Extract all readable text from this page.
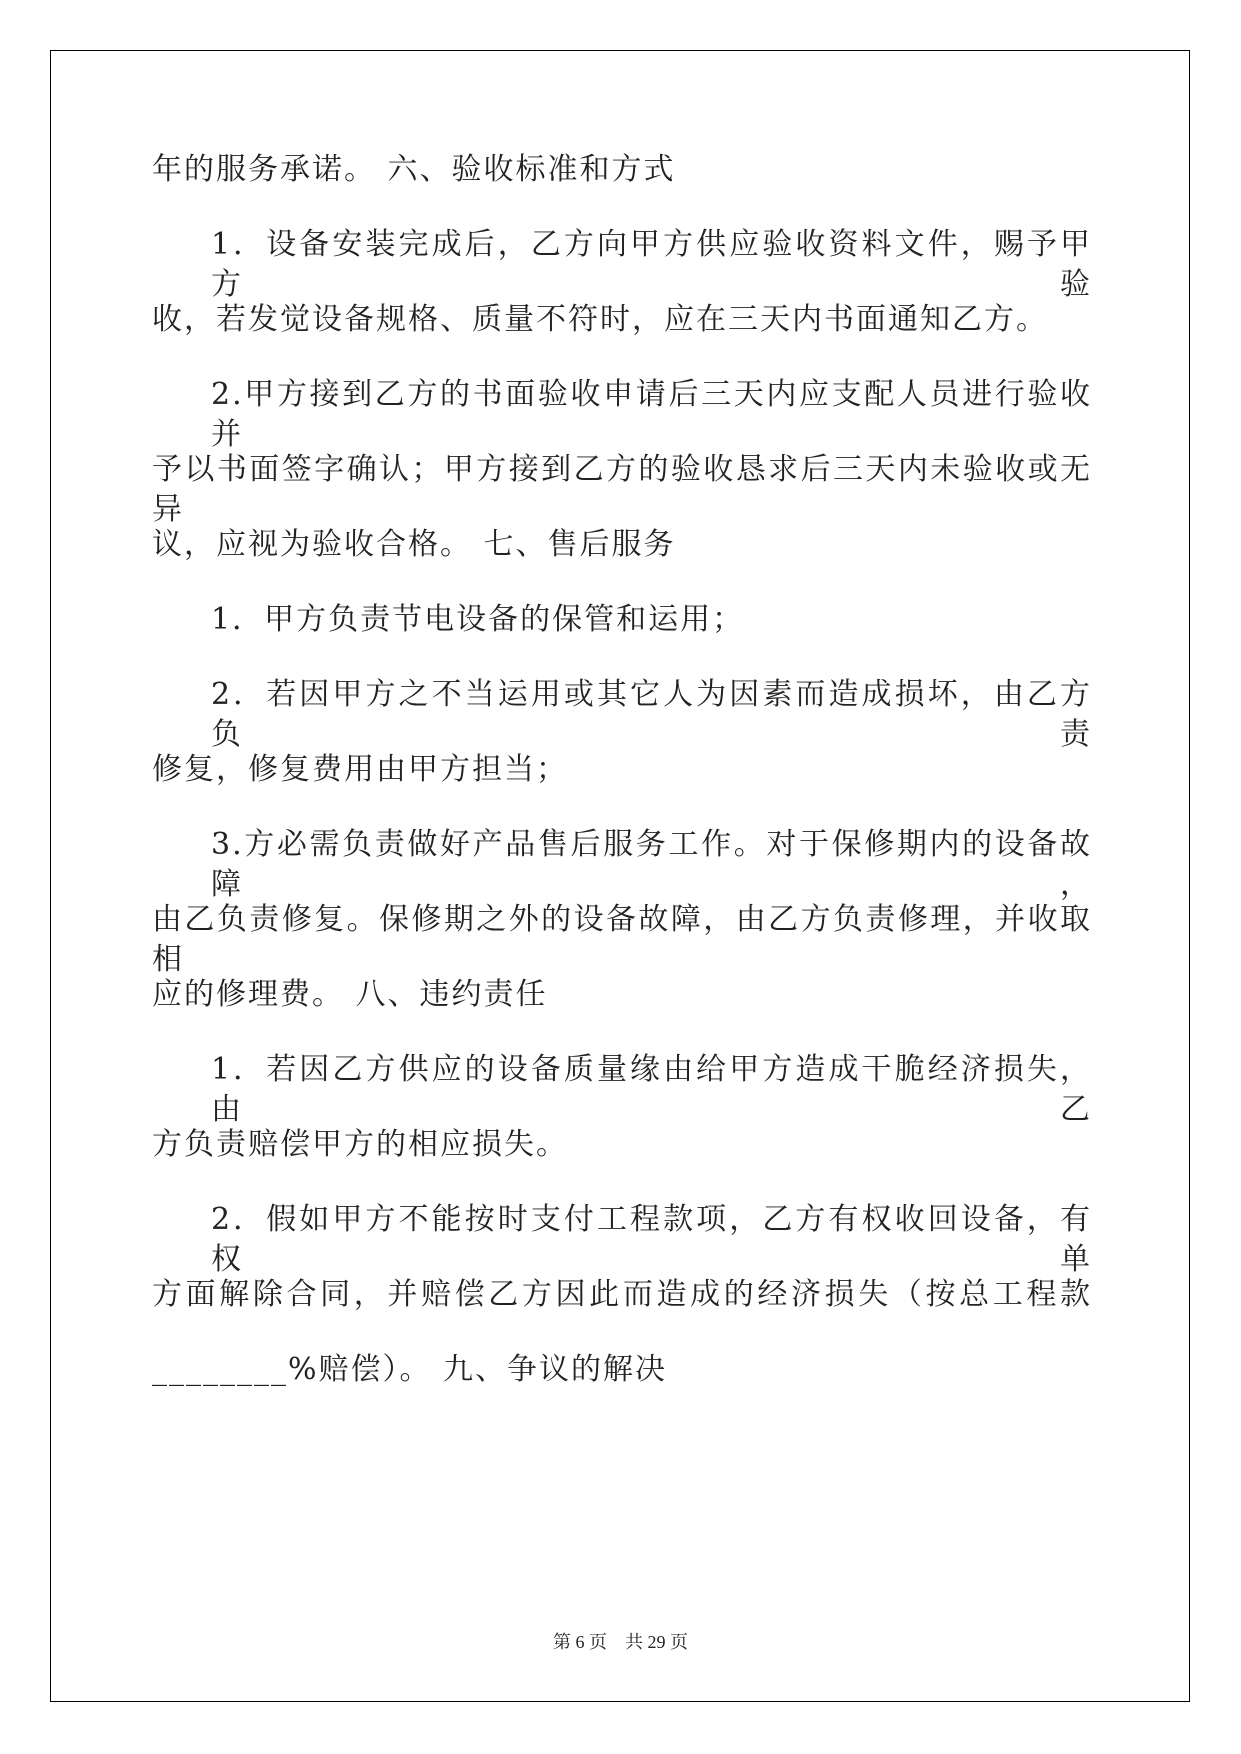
年的服务承诺。 六、验收标准和方式

1．设备安装完成后，乙方向甲方供应验收资料文件，赐予甲方验

收，若发觉设备规格、质量不符时，应在三天内书面通知乙方。

2.甲方接到乙方的书面验收申请后三天内应支配人员进行验收并

予以书面签字确认；甲方接到乙方的验收恳求后三天内未验收或无异

议，应视为验收合格。 七、售后服务

1．甲方负责节电设备的保管和运用；

2．若因甲方之不当运用或其它人为因素而造成损坏，由乙方负责

修复，修复费用由甲方担当；

3.方必需负责做好产品售后服务工作。对于保修期内的设备故障，

由乙负责修复。保修期之外的设备故障，由乙方负责修理，并收取相

应的修理费。 八、违约责任

1．若因乙方供应的设备质量缘由给甲方造成干脆经济损失，由乙

方负责赔偿甲方的相应损失。

2．假如甲方不能按时支付工程款项，乙方有权收回设备，有权单

方面解除合同，并赔偿乙方因此而造成的经济损失（按总工程款

________%赔偿）。 九、争议的解决

第 6 页 共 29 页
